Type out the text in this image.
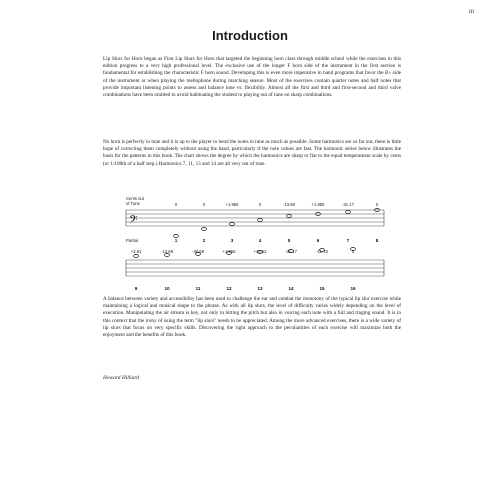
iii
Introduction

Lip Slurs for Horn began as First Lip Slurs for Horn that targeted the beginning horn class through middle school while the exercises in this edition progress to a very high professional level. The exclusive use of the longer F horn side of the instrument in the first section is fundamental for establishing the characteristic F horn sound. Developing this is even more imperative in band programs that favor the B♭ side of the instrument or when playing the mellophone during marching season. Most of the exercises contain quarter notes and half notes that provide important listening points to assess and balance tone vs. flexibility. Almost all the first and third and first-second and third valve combinations have been omitted to avoid habituating the student to playing out of tune on sharp combinations.

No horn is perfectly in tune and it is up to the player to bend the notes in tune as much as possible. Some harmonics are so far out, there is little hope of correcting them completely without using the hand, particularly if the note values are fast. The harmonic series below illustrates the basis for the patterns in this book. The chart shows the degree by which the harmonics are sharp or flat to the equal temperament scale by cents (or 1/100th of a half step.) Harmonics 7, 11, 13 and 14 are all very out of tune.

Cents out
of Tune
Partial
𝄢
0	0	+1.955	0	-13.69	+1.955	-31.17	0
1	2	3	4	5	6	7	8
+3.91	-13.69	-48.68	+1.955	+40.52	-31.17	-11.73	0
9	10	11	12	13	14	15	16

A balance between variety and accessibility has been used to challenge the ear and combat the monotony of the typical lip slur exercise while maintaining a logical and musical shape to the phrase. As with all lip slurs, the level of difficulty varies widely depending on the level of execution. Manipulating the air stream is key, not only in hitting the pitch but also in voicing each note with a full and ringing sound. It is in this context that the irony of using the term "lip slurs" needs to be appreciated. Among the more advanced exercises, there is a wide variety of lip slurs that focus on very specific skills. Discovering the right approach to the peculiarities of each exercise will maximize both the enjoyment and the benefits of this book.

Howard Hilliard
